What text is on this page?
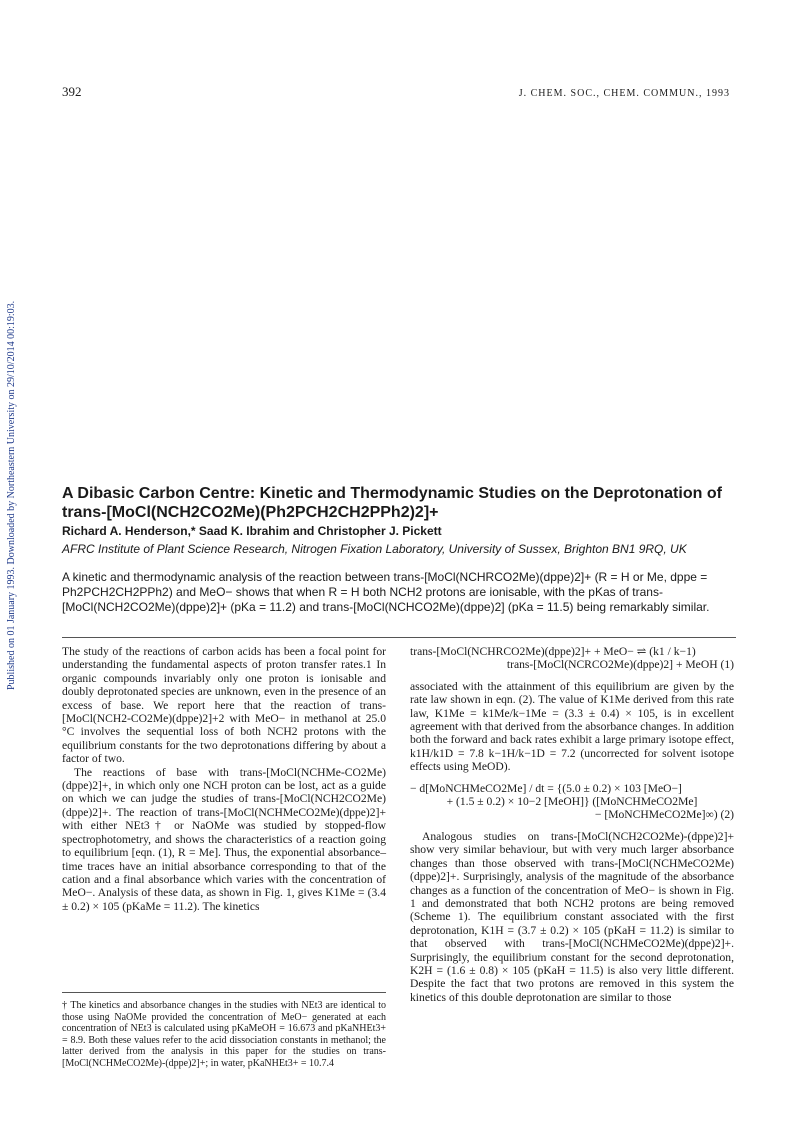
392	J. CHEM. SOC., CHEM. COMMUN., 1993
Published on 01 January 1993. Downloaded by Northeastern University on 29/10/2014 00:19:03.	A Dibasic Carbon Centre: Kinetic and Thermodynamic Studies on the Deprotonation of trans-[MoCl(NCH2CO2Me)(Ph2PCH2CH2PPh2)2]+
Richard A. Henderson,* Saad K. Ibrahim and Christopher J. Pickett
AFRC Institute of Plant Science Research, Nitrogen Fixation Laboratory, University of Sussex, Brighton BN1 9RQ, UK
A kinetic and thermodynamic analysis of the reaction between trans-[MoCl(NCHRCO2Me)(dppe)2]+ (R = H or Me, dppe = Ph2PCH2CH2PPh2) and MeO− shows that when R = H both NCH2 protons are ionisable, with the pKas of trans-[MoCl(NCH2CO2Me)(dppe)2]+ (pKa = 11.2) and trans-[MoCl(NCHCO2Me)(dppe)2] (pKa = 11.5) being remarkably similar.

The study of the reactions of carbon acids has been a focal point for understanding the fundamental aspects of proton transfer rates.1 In organic compounds invariably only one proton is ionisable and doubly deprotonated species are unknown, even in the presence of an excess of base. We report here that the reaction of trans-[MoCl(NCH2-CO2Me)(dppe)2]+2 with MeO− in methanol at 25.0 °C involves the sequential loss of both NCH2 protons with the equilibrium constants for the two deprotonations differing by about a factor of two.

The reactions of base with trans-[MoCl(NCHMe-CO2Me)(dppe)2]+, in which only one NCH proton can be lost, act as a guide on which we can judge the studies of trans-[MoCl(NCH2CO2Me)(dppe)2]+. The reaction of trans-[MoCl(NCHMeCO2Me)(dppe)2]+ with either NEt3† or NaOMe was studied by stopped-flow spectrophotometry, and shows the characteristics of a reaction going to equilibrium [eqn. (1), R = Me]. Thus, the exponential absorbance–time traces have an initial absorbance corresponding to that of the cation and a final absorbance which varies with the concentration of MeO−. Analysis of these data, as shown in Fig. 1, gives K1Me = (3.4 ± 0.2) × 105 (pKaMe = 11.2). The kinetics

† The kinetics and absorbance changes in the studies with NEt3 are identical to those using NaOMe provided the concentration of MeO− generated at each concentration of NEt3 is calculated using pKaMeOH = 16.673 and pKaNHEt3+ = 8.9. Both these values refer to the acid dissociation constants in methanol; the latter derived from the analysis in this paper for the studies on trans-[MoCl(NCHMeCO2Me)-(dppe)2]+; in water, pKaNHEt3+ = 10.7.4

trans-[MoCl(NCHRCO2Me)(dppe)2]+ + MeO− ⇌ (k1 / k−1)

trans-[MoCl(NCRCO2Me)(dppe)2] + MeOH (1)

associated with the attainment of this equilibrium are given by the rate law shown in eqn. (2). The value of K1Me derived from this rate law, K1Me = k1Me/k−1Me = (3.3 ± 0.4) × 105, is in excellent agreement with that derived from the absorbance changes. In addition both the forward and back rates exhibit a large primary isotope effect, k1H/k1D = 7.8 k−1H/k−1D = 7.2 (uncorrected for solvent isotope effects using MeOD).

− d[MoNCHMeCO2Me] / dt = {(5.0 ± 0.2) × 103 [MeO−]

+ (1.5 ± 0.2) × 10−2 [MeOH]} ([MoNCHMeCO2Me]

− [MoNCHMeCO2Me]∞) (2)

Analogous studies on trans-[MoCl(NCH2CO2Me)-(dppe)2]+ show very similar behaviour, but with very much larger absorbance changes than those observed with trans-[MoCl(NCHMeCO2Me)(dppe)2]+. Surprisingly, analysis of the magnitude of the absorbance changes as a function of the concentration of MeO− is shown in Fig. 1 and demonstrated that both NCH2 protons are being removed (Scheme 1). The equilibrium constant associated with the first deprotonation, K1H = (3.7 ± 0.2) × 105 (pKaH = 11.2) is similar to that observed with trans-[MoCl(NCHMeCO2Me)(dppe)2]+. Surprisingly, the equilibrium constant for the second deprotonation, K2H = (1.6 ± 0.8) × 105 (pKaH = 11.5) is also very little different. Despite the fact that two protons are removed in this system the kinetics of this double deprotonation are similar to those
